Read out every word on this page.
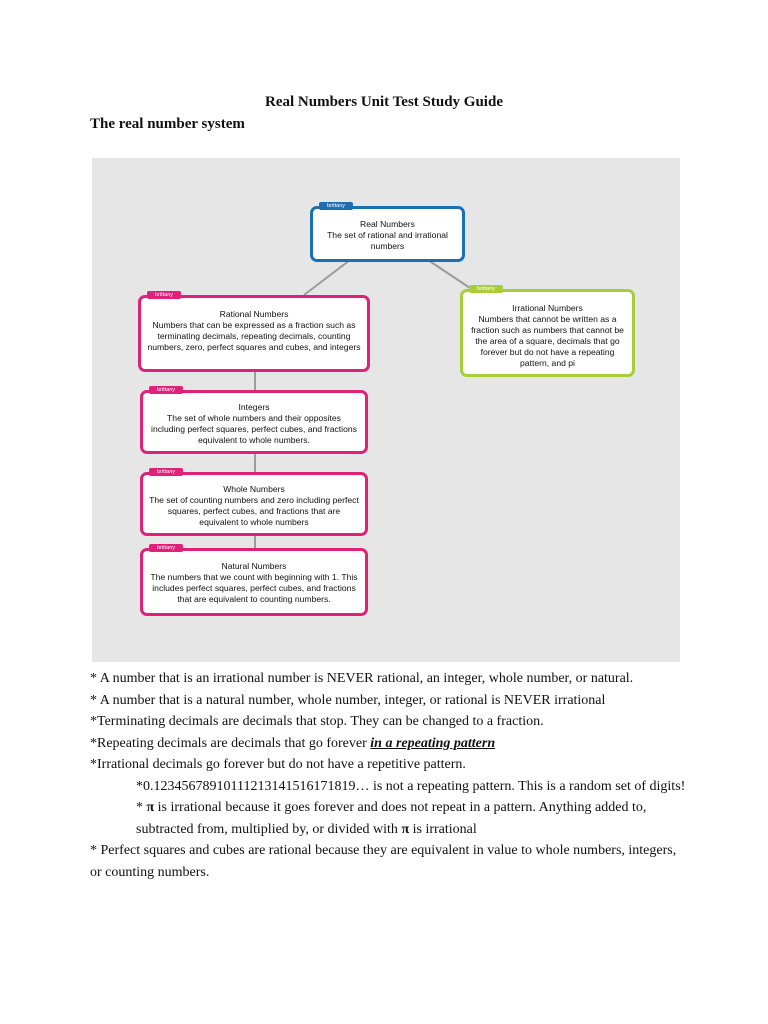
Real Numbers Unit Test Study Guide
The real number system
brittany
Real Numbers
The set of rational and irrational numbers
brittany
Rational Numbers
Numbers that can be expressed as a fraction such as terminating decimals, repeating decimals, counting numbers, zero, perfect squares and cubes, and integers
brittany
Irrational Numbers
Numbers that cannot be written as a fraction such as numbers that cannot be the area of a square, decimals that go forever but do not have a repeating pattern, and pi
brittany
Integers
The set of whole numbers and their opposites including perfect squares, perfect cubes, and fractions equivalent to whole numbers.
brittany
Whole Numbers
The set of counting numbers and zero including perfect squares, perfect cubes, and fractions that are equivalent to whole numbers
brittany
Natural Numbers
The numbers that we count with beginning with 1. This includes perfect squares, perfect cubes, and fractions that are equivalent to counting numbers.

* A number that is an irrational number is NEVER rational, an integer, whole number, or natural.

* A number that is a natural number, whole number, integer, or rational is NEVER irrational

*Terminating decimals are decimals that stop. They can be changed to a fraction.

*Repeating decimals are decimals that go forever in a repeating pattern

*Irrational decimals go forever but do not have a repetitive pattern.

*0.12345678910111213141516171819… is not a repeating pattern. This is a random set of digits!

* π is irrational because it goes forever and does not repeat in a pattern. Anything added to, subtracted from, multiplied by, or divided with π is irrational

* Perfect squares and cubes are rational because they are equivalent in value to whole numbers, integers, or counting numbers.
